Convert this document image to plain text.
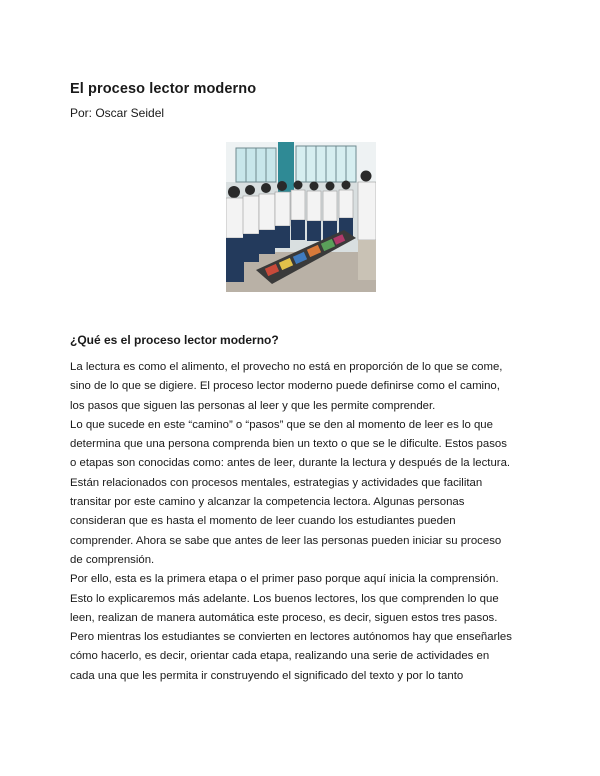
El proceso lector moderno
Por: Oscar Seidel
¿Qué es el proceso lector moderno?
La lectura es como el alimento, el provecho no está en proporción de lo que se come,
sino de lo que se digiere. El proceso lector moderno puede definirse como el camino,
los pasos que siguen las personas al leer y que les permite comprender.
Lo que sucede en este “camino” o “pasos” que se den al momento de leer es lo que
determina que una persona comprenda bien un texto o que se le dificulte. Estos pasos
o etapas son conocidas como: antes de leer, durante la lectura y después de la lectura.
Están relacionados con procesos mentales, estrategias y actividades que facilitan
transitar por este camino y alcanzar la competencia lectora. Algunas personas
consideran que es hasta el momento de leer cuando los estudiantes pueden
comprender. Ahora se sabe que antes de leer las personas pueden iniciar su proceso
de comprensión.
Por ello, esta es la primera etapa o el primer paso porque aquí inicia la comprensión.
Esto lo explicaremos más adelante. Los buenos lectores, los que comprenden lo que
leen, realizan de manera automática este proceso, es decir, siguen estos tres pasos.
Pero mientras los estudiantes se convierten en lectores autónomos hay que enseñarles
cómo hacerlo, es decir, orientar cada etapa, realizando una serie de actividades en
cada una que les permita ir construyendo el significado del texto y por lo tanto
